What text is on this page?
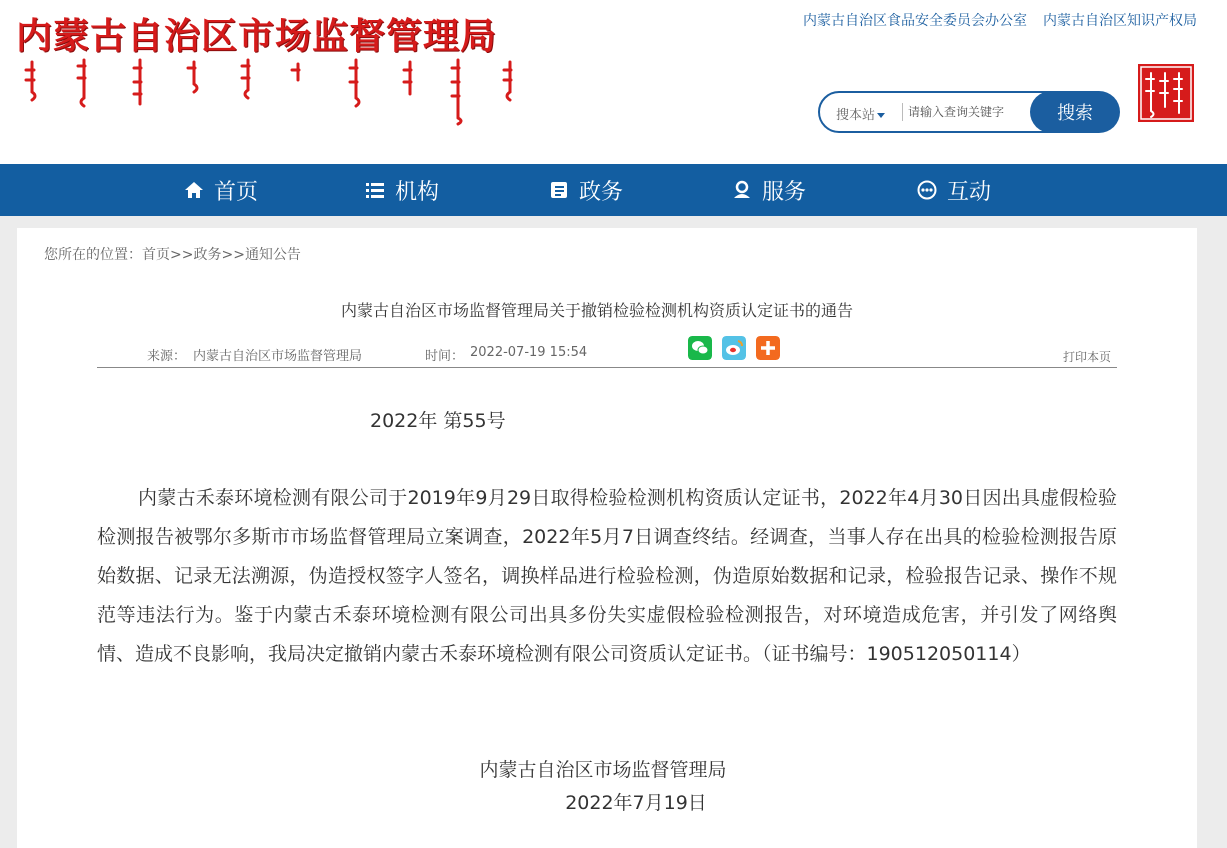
内蒙古自治区市场监督管理局	内蒙古自治区食品安全委员会办公室 内蒙古自治区知识产权局
搜本站
请输入查询关键字	搜索
首页	机构	政务	服务	互动
您所在的位置：首页>>政务>>通知公告
内蒙古自治区市场监督管理局关于撤销检验检测机构资质认定证书的通告
来源： 内蒙古自治区市场监督管理局	时间： 2022-07-19 15:54	打印本页
2022年 第55号

内蒙古禾泰环境检测有限公司于2019年9月29日取得检验检测机构资质认定证书，2022年4月30日因出具虚假检验检测报告被鄂尔多斯市市场监督管理局立案调查，2022年5月7日调查终结。经调查，当事人存在出具的检验检测报告原始数据、记录无法溯源，伪造授权签字人签名，调换样品进行检验检测，伪造原始数据和记录，检验报告记录、操作不规范等违法行为。鉴于内蒙古禾泰环境检测有限公司出具多份失实虚假检验检测报告，对环境造成危害，并引发了网络舆情、造成不良影响，我局决定撤销内蒙古禾泰环境检测有限公司资质认定证书。（证书编号：190512050114）

内蒙古自治区市场监督管理局
2022年7月19日
